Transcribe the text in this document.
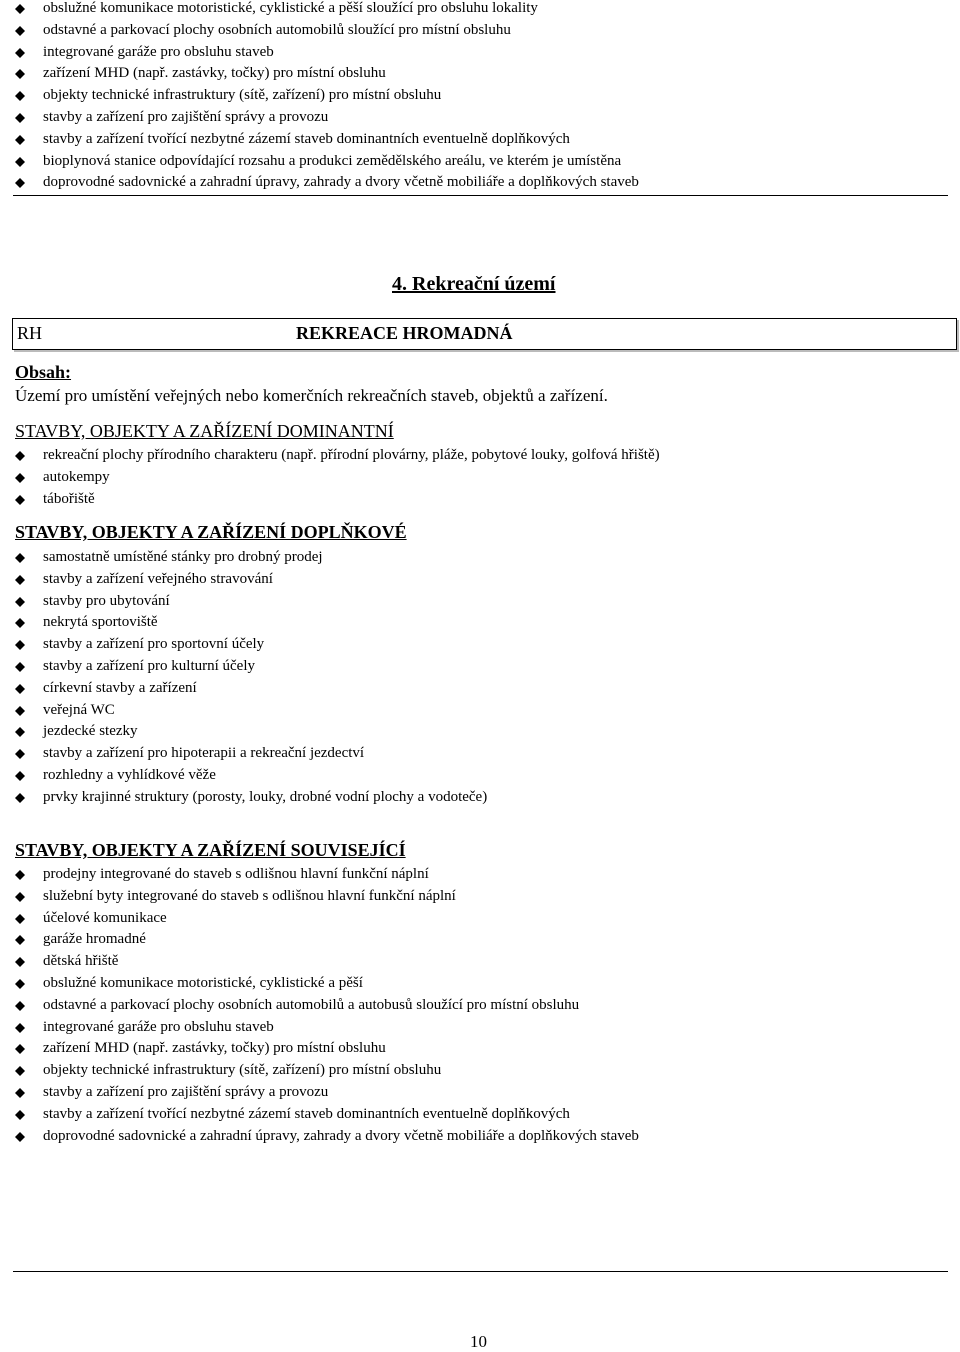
obslužné komunikace motoristické, cyklistické a pěší sloužící pro obsluhu lokality
odstavné a parkovací plochy osobních automobilů sloužící pro místní obsluhu
integrované garáže pro obsluhu staveb
zařízení MHD (např. zastávky, točky) pro místní obsluhu
objekty technické infrastruktury (sítě, zařízení) pro místní obsluhu
stavby a zařízení pro zajištění správy a provozu
stavby a zařízení tvořící nezbytné zázemí staveb dominantních eventuelně doplňkových
bioplynová stanice odpovídající rozsahu a produkci zemědělského areálu, ve kterém je umístěna
doprovodné sadovnické a zahradní úpravy, zahrady a dvory včetně mobiliáře a doplňkových staveb
4. Rekreační území
RH	REKREACE HROMADNÁ
Obsah:
Území pro umístění veřejných nebo komerčních rekreačních staveb, objektů a zařízení.
STAVBY, OBJEKTY A ZAŘÍZENÍ DOMINANTNÍ
rekreační plochy přírodního charakteru (např. přírodní plovárny, pláže, pobytové louky, golfová hřiště)
autokempy
tábořiště
STAVBY, OBJEKTY A ZAŘÍZENÍ DOPLŇKOVÉ
samostatně umístěné stánky pro drobný prodej
stavby a zařízení veřejného stravování
stavby pro ubytování
nekrytá sportoviště
stavby a zařízení pro sportovní účely
stavby a zařízení pro kulturní účely
církevní stavby a zařízení
veřejná WC
jezdecké stezky
stavby a zařízení pro hipoterapii a rekreační jezdectví
rozhledny a vyhlídkové věže
prvky krajinné struktury (porosty, louky, drobné vodní plochy a vodoteče)
STAVBY, OBJEKTY A ZAŘÍZENÍ SOUVISEJÍCÍ
prodejny integrované do staveb s odlišnou hlavní funkční náplní
služební byty integrované do staveb s odlišnou hlavní funkční náplní
účelové komunikace
garáže hromadné
dětská hřiště
obslužné komunikace motoristické, cyklistické a pěší
odstavné a parkovací plochy osobních automobilů a autobusů sloužící pro místní obsluhu
integrované garáže pro obsluhu staveb
zařízení MHD (např. zastávky, točky) pro místní obsluhu
objekty technické infrastruktury (sítě, zařízení) pro místní obsluhu
stavby a zařízení pro zajištění správy a provozu
stavby a zařízení tvořící nezbytné zázemí staveb dominantních eventuelně doplňkových
doprovodné sadovnické a zahradní úpravy, zahrady a dvory včetně mobiliáře a doplňkových staveb
10
